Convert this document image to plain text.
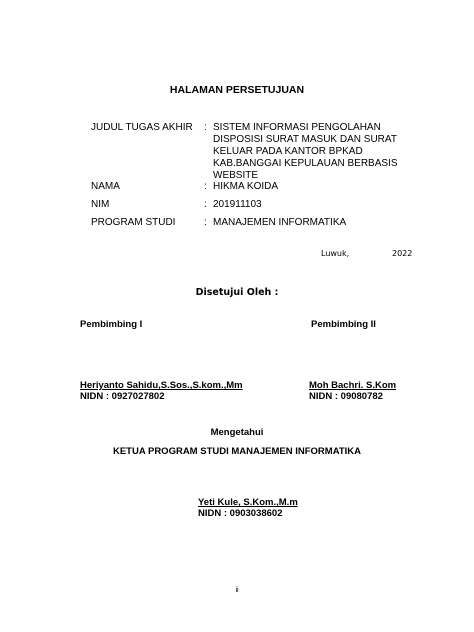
HALAMAN PERSETUJUAN
JUDUL TUGAS AKHIR : SISTEM INFORMASI PENGOLAHAN
DISPOSISI SURAT MASUK DAN SURAT
KELUAR PADA KANTOR BPKAD
KAB.BANGGAI KEPULAUAN BERBASIS
WEBSITE
NAMA	: HIKMA KOIDA
NIM	: 201911103
PROGRAM STUDI	: MANAJEMEN INFORMATIKA
Luwuk,	2022
Disetujui Oleh :
Pembimbing I	Pembimbing II
Heriyanto Sahidu,S.Sos.,S.kom.,Mm
NIDN : 0927027802
Moh Bachri. S.Kom
NIDN : 09080782
Mengetahui
KETUA PROGRAM STUDI MANAJEMEN INFORMATIKA
Yeti Kule, S.Kom.,M.m
NIDN : 0903038602
ii
